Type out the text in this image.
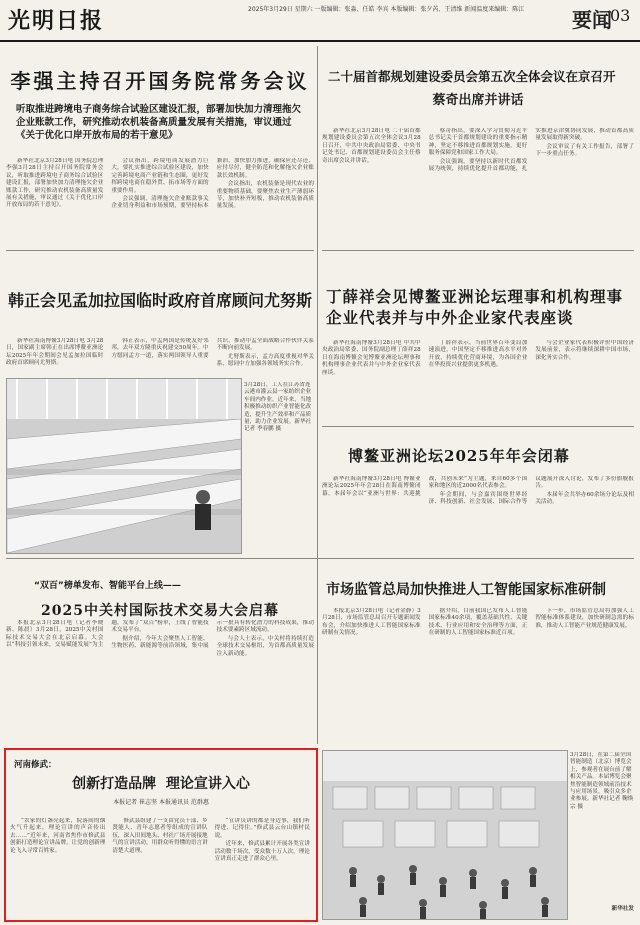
光明日报	2025年3月29日 星期六 一版编辑：张淼、任皓 李宾 本版编辑：张夕芮、王清维 新闻温度来编辑：陈江	要闻
03
李强主持召开国务院常务会议
听取推进跨境电子商务综合试验区建设汇报，部署加快加力清理拖欠企业账款工作，研究推动农机装备高质量发展有关措施，审议通过《关于优化口岸开放布局的若干意见》

新华社北京3月28日电 国务院总理李强3月28日主持召开国务院常务会议，听取推进跨境电子商务综合试验区建设汇报，部署加快加力清理拖欠企业账款工作，研究推动农机装备高质量发展有关措施，审议通过《关于优化口岸开放布局的若干意见》。

会议指出，跨境电商发展潜力巨大，要扎实推进综合试验区建设，加快完善跨境电商产业链和生态圈，更好发挥跨境电商在稳外贸、拓市场等方面的重要作用。

会议强调，清理拖欠企业账款事关企业切身利益和市场预期，要坚持标本兼治，加快加力推进，确保应还尽还、应付尽付，健全防范和化解拖欠企业账款长效机制。

会议指出，农机装备是现代农业的重要物质基础，要聚焦农业生产薄弱环节，加快补齐短板，推动农机装备高质量发展。

二十届首都规划建设委员会第五次全体会议在京召开
蔡奇出席并讲话

新华社北京3月28日电 二十届首都规划建设委员会第五次全体会议3月28日召开，中共中央政治局常委、中央书记处书记、首都规划建设委员会主任蔡奇出席会议并讲话。

蔡奇指出，要深入学习贯彻习近平总书记关于首都规划建设的重要指示精神，坚定不移推进首都规划实施，更好服务保障党和国家工作大局。

会议强调，要坚持以新时代首都发展为统领，持续优化提升首都功能，扎实推进京津冀协同发展，推动首都高质量发展取得新突破。

会议审议了有关工作报告，部署了下一步重点任务。

韩正会见孟加拉国临时政府首席顾问尤努斯

新华社海南博鳌3月28日电 3月28日，国家副主席韩正在出席博鳌亚洲论坛2025年年会期间会见孟加拉国临时政府首席顾问尤努斯。

韩正表示，中孟两国是传统友好邻邦，去年双方隆重庆祝建交50周年。中方愿同孟方一道，落实两国领导人重要共识，推动中孟全面战略合作伙伴关系不断向前发展。

尤努斯表示，孟方高度重视对华关系，愿同中方加强各领域务实合作。

3月28日，工人在江苏省连云港市灌云县一家纺织企业车间内作业。近年来，当地积极推动纺织产业智能化改造，提升生产效率和产品质量，助力企业发展。新华社记者 季春鹏 摄
丁薛祥会见博鳌亚洲论坛理事和机构理事企业代表并与中外企业家代表座谈

新华社海南博鳌3月28日电 中共中央政治局常委、国务院副总理丁薛祥28日在海南博鳌会见博鳌亚洲论坛理事和机构理事企业代表并与中外企业家代表座谈。

丁薛祥表示，当前世界百年变局加速演进，中国坚定不移推进高水平对外开放，持续优化营商环境，为各国企业在华投资兴业提供更多机遇。

与会企业家代表积极评价中国经济发展前景，表示将继续深耕中国市场，深化务实合作。

博鳌亚洲论坛2025年年会闭幕

新华社海南博鳌3月28日电 博鳌亚洲论坛2025年年会28日在海南博鳌闭幕。本届年会以“亚洲与世界：共迎挑战，共创未来”为主题，来自60多个国家和地区的近2000名代表参会。

年会期间，与会嘉宾围绕世界经济、科技创新、社会发展、国际合作等议题展开深入讨论，发布了多份旗舰报告。

本届年会共举办60余场分论坛及相关活动。

“双百”榜单发布、智能平台上线——
2025中关村国际技术交易大会启幕

本报北京3月28日电（记者李晓新、陈晨）3月28日，2025中关村国际技术交易大会在北京启幕。大会以“科技引领未来，交易赋能发展”为主题，发布了“双百”榜单，上线了智能技术交易平台。

据介绍，今年大会聚焦人工智能、生物医药、新能源等前沿领域，集中展示一批具有转化潜力的科技成果，推动技术要素跨区域流动。

与会人士表示，中关村将持续打造全球技术交易枢纽，为首都高质量发展注入新动能。

市场监管总局加快推进人工智能国家标准研制

本报北京3月28日电（记者金静）3月28日，市场监管总局召开专题新闻发布会，介绍加快推进人工智能国家标准研制有关情况。

据介绍，目前我国已发布人工智能国家标准40余项，覆盖基础共性、关键技术、行业应用和安全治理等方面，正在研制的人工智能国家标准近百项。

下一步，市场监管总局将加强人工智能标准体系建设，加快研制急需的标准，推动人工智能产业规范健康发展。

河南修武：
创新打造品牌  理论宣讲入心
本报记者 崔志坚 本报通讯员 范群惠

“农家的灯盏亮起来，院落间的烟火气升起来，理论宣讲的声音传出去……”近年来，河南省焦作市修武县创新打造理论宣讲品牌，让党的创新理论飞入寻常百姓家。

修武县组建了一支由党员干部、乡贤能人、青年志愿者等组成的宣讲队伍，深入田间地头、村社广场开展接地气的宣讲活动，用群众听得懂的语言讲清楚大道理。

“宣讲员讲的都是身边事，我们听得进、记得住。”修武县云台山镇村民说。

近年来，修武县累计开展各类宣讲活动数千场次，受众数十万人次，理论宣讲真正走进了群众心里。

3月28日，在第二届全国智能制造（北京）博览会上，参观者在展台前了解相关产品。本届博览会聚焦智能制造领域前沿技术与应用场景，吸引众多企业参展。新华社记者 鞠焕宗 摄
新华社发
